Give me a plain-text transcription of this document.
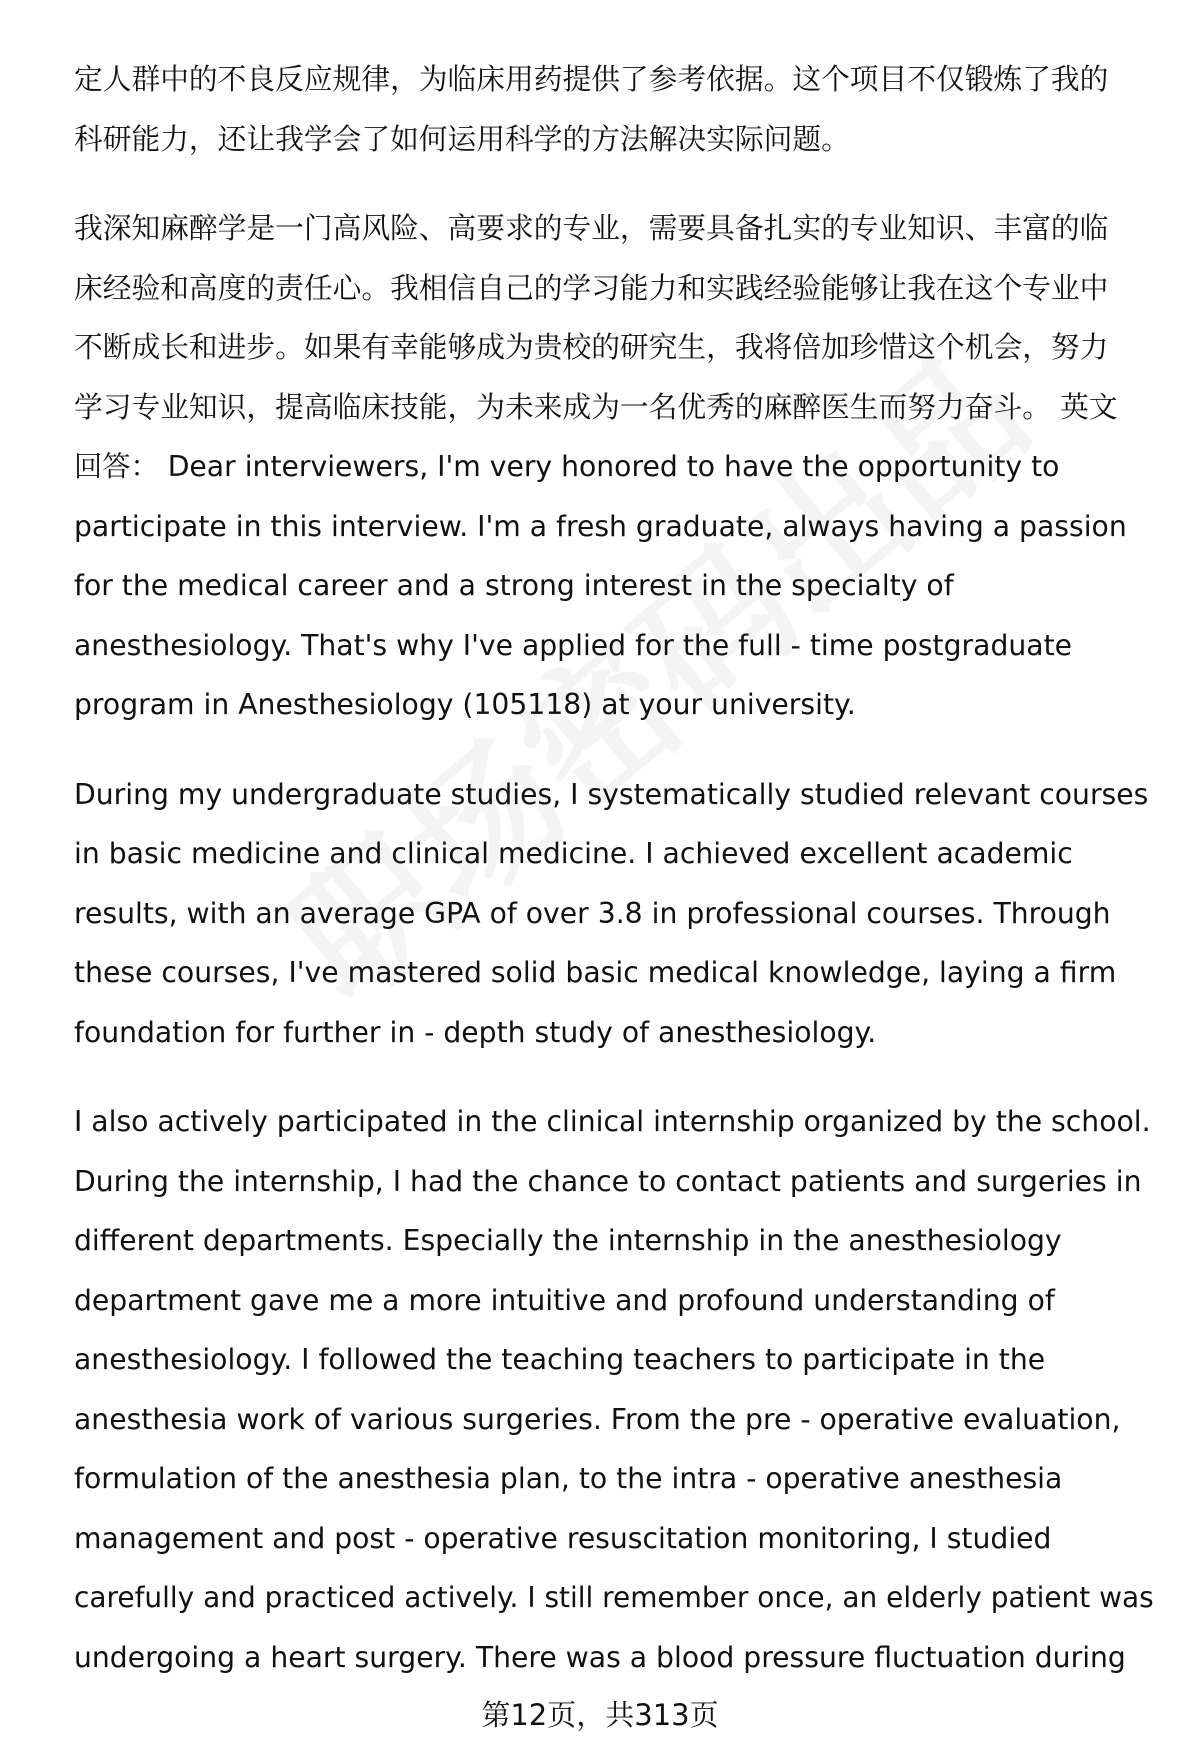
定人群中的不良反应规律，为临床用药提供了参考依据。这个项目不仅锻炼了我的
科研能力，还让我学会了如何运用科学的方法解决实际问题。
我深知麻醉学是一门高风险、高要求的专业，需要具备扎实的专业知识、丰富的临
床经验和高度的责任心。我相信自己的学习能力和实践经验能够让我在这个专业中
不断成长和进步。如果有幸能够成为贵校的研究生，我将倍加珍惜这个机会，努力
学习专业知识，提高临床技能，为未来成为一名优秀的麻醉医生而努力奋斗。 英文
回答： Dear interviewers, I'm very honored to have the opportunity to
participate in this interview. I'm a fresh graduate, always having a passion
for the medical career and a strong interest in the specialty of
anesthesiology. That's why I've applied for the full - time postgraduate
program in Anesthesiology (105118) at your university.
During my undergraduate studies, I systematically studied relevant courses
in basic medicine and clinical medicine. I achieved excellent academic
results, with an average GPA of over 3.8 in professional courses. Through
these courses, I've mastered solid basic medical knowledge, laying a firm
foundation for further in - depth study of anesthesiology.
I also actively participated in the clinical internship organized by the school.
During the internship, I had the chance to contact patients and surgeries in
different departments. Especially the internship in the anesthesiology
department gave me a more intuitive and profound understanding of
anesthesiology. I followed the teaching teachers to participate in the
anesthesia work of various surgeries. From the pre - operative evaluation,
formulation of the anesthesia plan, to the intra - operative anesthesia
management and post - operative resuscitation monitoring, I studied
carefully and practiced actively. I still remember once, an elderly patient was
undergoing a heart surgery. There was a blood pressure fluctuation during
第12页，共313页
